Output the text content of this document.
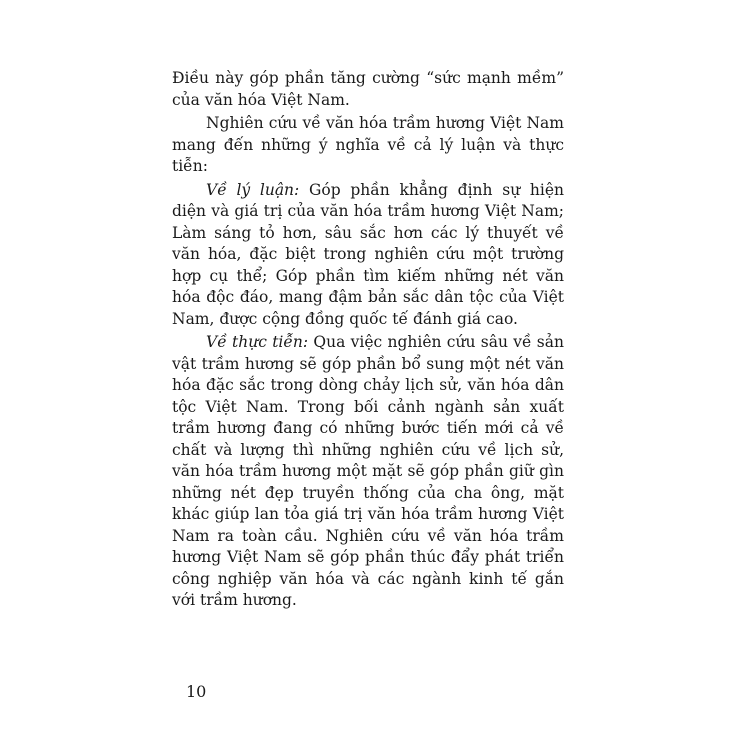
Điều này góp phần tăng cường “sức mạnh mềm” của văn hóa Việt Nam.

Nghiên cứu về văn hóa trầm hương Việt Nam mang đến những ý nghĩa về cả lý luận và thực tiễn:

Về lý luận: Góp phần khẳng định sự hiện diện và giá trị của văn hóa trầm hương Việt Nam; Làm sáng tỏ hơn, sâu sắc hơn các lý thuyết về văn hóa, đặc biệt trong nghiên cứu một trường hợp cụ thể; Góp phần tìm kiếm những nét văn hóa độc đáo, mang đậm bản sắc dân tộc của Việt Nam, được cộng đồng quốc tế đánh giá cao.

Về thực tiễn: Qua việc nghiên cứu sâu về sản vật trầm hương sẽ góp phần bổ sung một nét văn hóa đặc sắc trong dòng chảy lịch sử, văn hóa dân tộc Việt Nam. Trong bối cảnh ngành sản xuất trầm hương đang có những bước tiến mới cả về chất và lượng thì những nghiên cứu về lịch sử, văn hóa trầm hương một mặt sẽ góp phần giữ gìn những nét đẹp truyền thống của cha ông, mặt khác giúp lan tỏa giá trị văn hóa trầm hương Việt Nam ra toàn cầu. Nghiên cứu về văn hóa trầm hương Việt Nam sẽ góp phần thúc đẩy phát triển công nghiệp văn hóa và các ngành kinh tế gắn với trầm hương.

10
